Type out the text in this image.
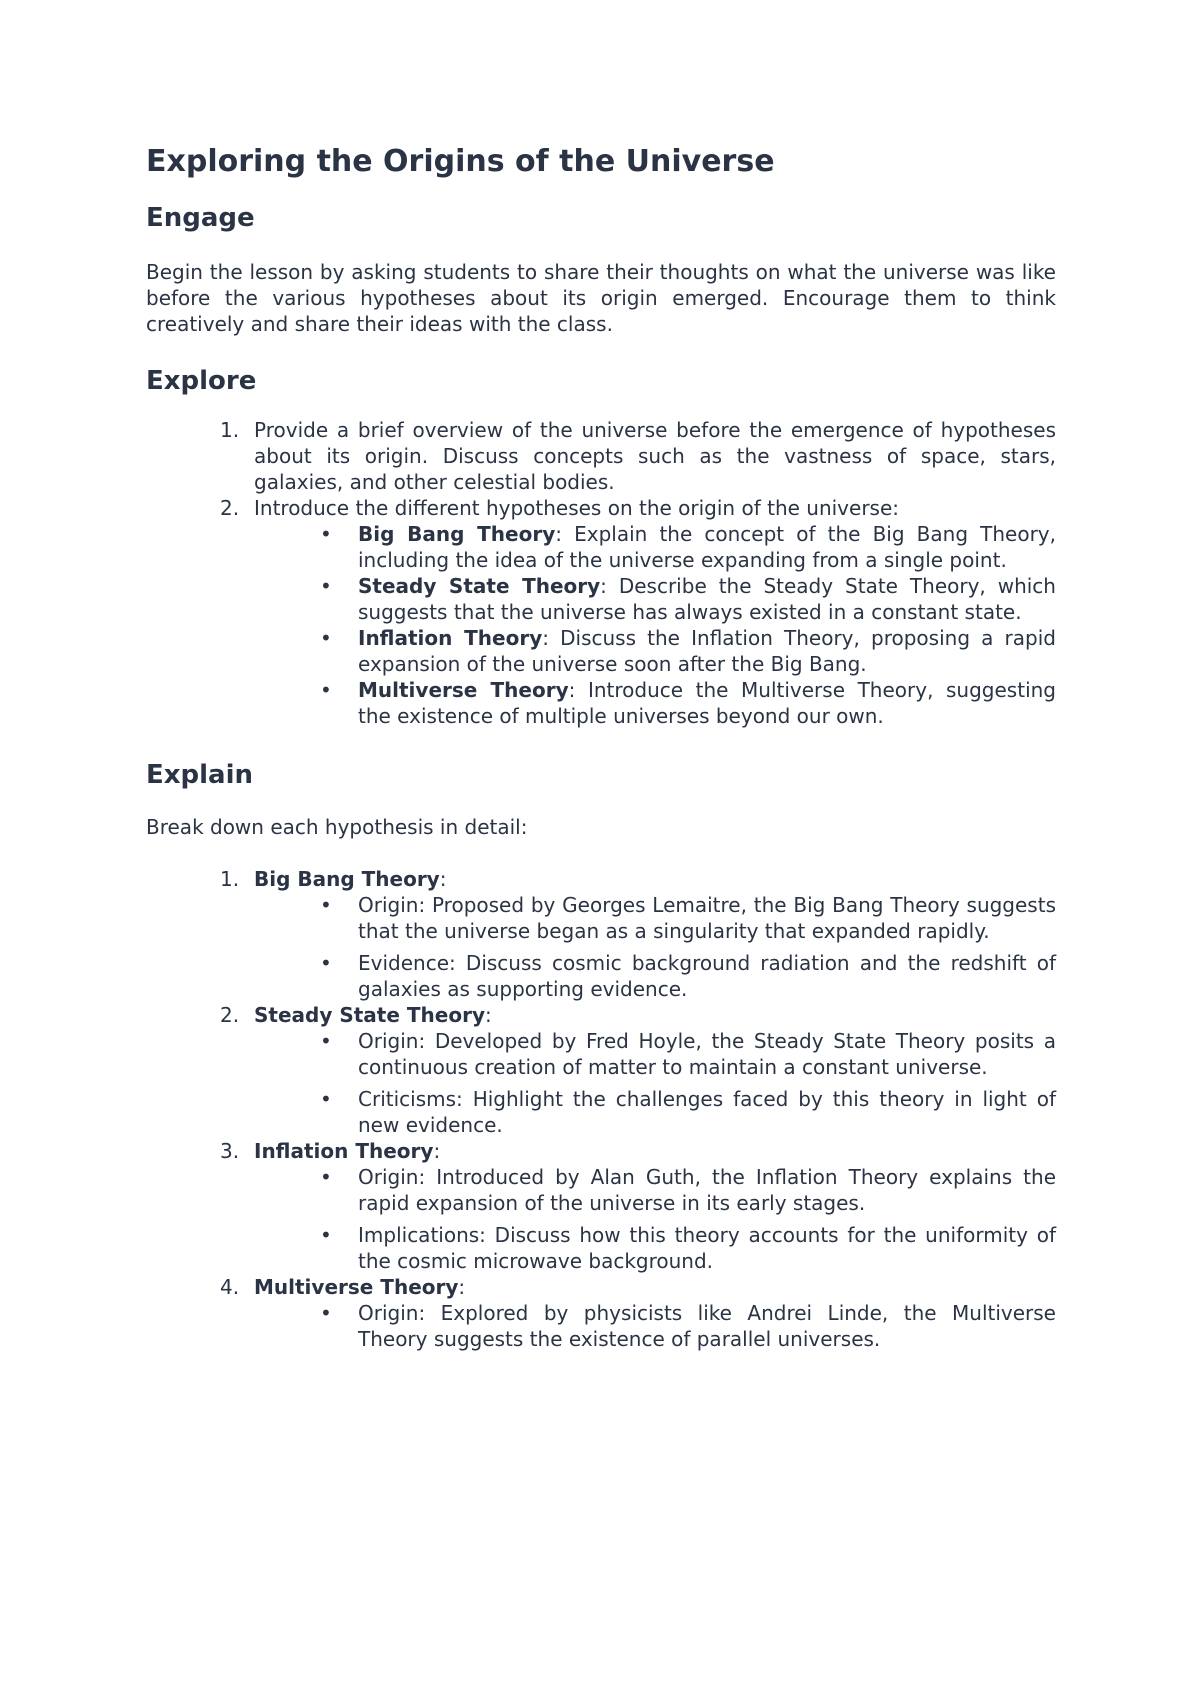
Exploring the Origins of the Universe
Engage

Begin the lesson by asking students to share their thoughts on what the universe was like before the various hypotheses about its origin emerged. Encourage them to think creatively and share their ideas with the class.

Explore
1. Provide a brief overview of the universe before the emergence of hypotheses about its origin. Discuss concepts such as the vastness of space, stars, galaxies, and other celestial bodies.
2. Introduce the different hypotheses on the origin of the universe:
• Big Bang Theory: Explain the concept of the Big Bang Theory, including the idea of the universe expanding from a single point.
• Steady State Theory: Describe the Steady State Theory, which suggests that the universe has always existed in a constant state.
• Inflation Theory: Discuss the Inflation Theory, proposing a rapid expansion of the universe soon after the Big Bang.
• Multiverse Theory: Introduce the Multiverse Theory, suggesting the existence of multiple universes beyond our own.
Explain

Break down each hypothesis in detail:

1. Big Bang Theory:
• Origin: Proposed by Georges Lemaitre, the Big Bang Theory suggests that the universe began as a singularity that expanded rapidly.
• Evidence: Discuss cosmic background radiation and the redshift of galaxies as supporting evidence.
2. Steady State Theory:
• Origin: Developed by Fred Hoyle, the Steady State Theory posits a continuous creation of matter to maintain a constant universe.
• Criticisms: Highlight the challenges faced by this theory in light of new evidence.
3. Inflation Theory:
• Origin: Introduced by Alan Guth, the Inflation Theory explains the rapid expansion of the universe in its early stages.
• Implications: Discuss how this theory accounts for the uniformity of the cosmic microwave background.
4. Multiverse Theory:
• Origin: Explored by physicists like Andrei Linde, the Multiverse Theory suggests the existence of parallel universes.
